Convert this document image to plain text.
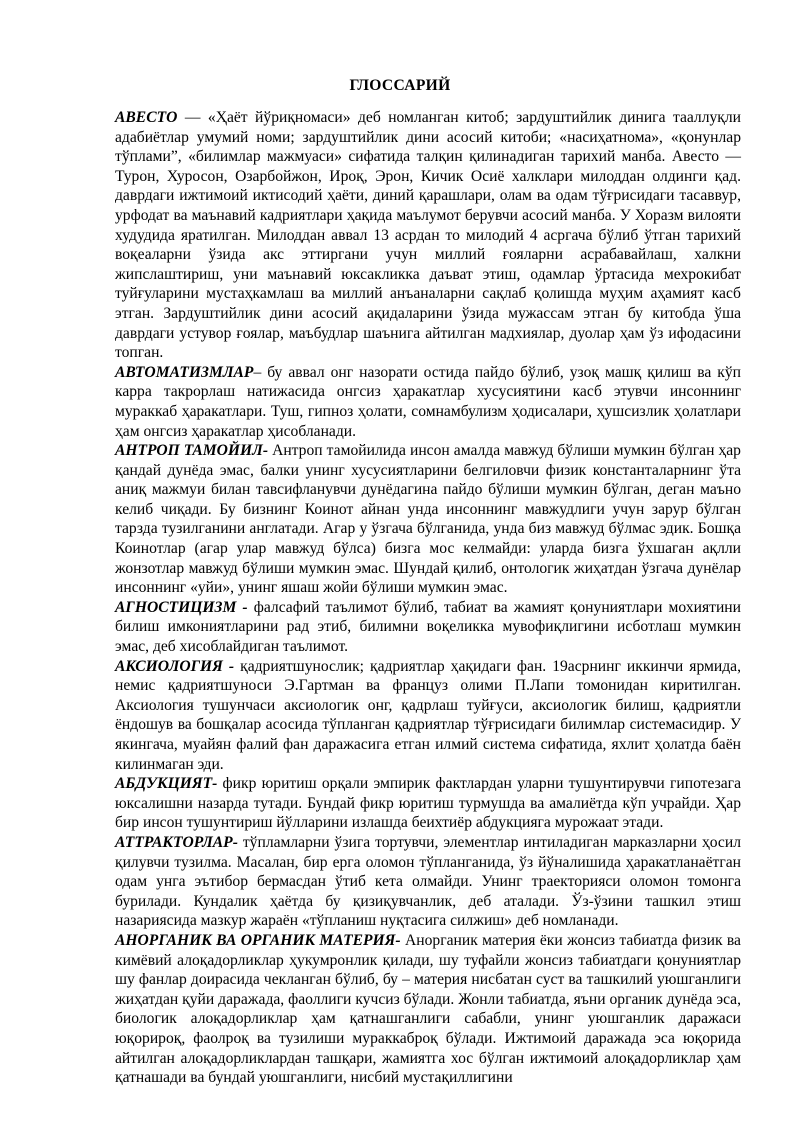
ГЛОССАРИЙ

АВЕСТО — «Ҳаёт йўриқномаси» деб номланган китоб; зардуштийлик динига тааллуқли адабиётлар умумий номи; зардуштийлик дини асосий китоби; «насиҳатнома», «қонунлар тўпламиˮ, «билимлар мажмуаси» сифатида талқин қилинадиган тарихий манба. Авесто — Турон, Хуросон, Озарбойжон, Ироқ, Эрон, Кичик Осиё халклари милоддан олдинги қад. даврдаги ижтимоий иктисодий ҳаёти, диний қарашлари, олам ва одам тўғрисидаги тасаввур, урфодат ва маънавий кадриятлари ҳақида маълумот берувчи асосий манба. У Хоразм вилояти худудида яратилган. Милоддан аввал 13 асрдан то милодий 4 асргача бўлиб ўтган тарихий воқеаларни ўзида акс эттиргани учун миллий ғояларни асрабавайлаш, халкни жипслаштириш, уни маънавий юксакликка даъват этиш, одамлар ўртасида мехрокибат туйғуларини мустаҳкамлаш ва миллий анъаналарни сақлаб қолишда муҳим аҳамият касб этган. Зардуштийлик дини асосий ақидаларини ўзида мужассам этган бу китобда ўша даврдаги устувор ғоялар, маъбудлар шаънига айтилган мадхиялар, дуолар ҳам ўз ифодасини топган.

АВТОМАТИЗМЛАР– бу аввал онг назорати остида пайдо бўлиб, узоқ машқ қилиш ва кўп карра такрорлаш натижасида онгсиз ҳаракатлар хусусиятини касб этувчи инсоннинг мураккаб ҳаракатлари. Туш, гипноз ҳолати, сомнамбулизм ҳодисалари, ҳушсизлик ҳолатлари ҳам онгсиз ҳаракатлар ҳисобланади.

АНТРОП ТАМОЙИЛ- Антроп тамойилида инсон амалда мавжуд бўлиши мумкин бўлган ҳар қандай дунёда эмас, балки унинг хусусиятларини белгиловчи физик константаларнинг ўта аниқ мажмуи билан тавсифланувчи дунёдагина пайдо бўлиши мумкин бўлган, деган маъно келиб чиқади. Бу бизнинг Коинот айнан унда инсоннинг мавжудлиги учун зарур бўлган тарзда тузилганини англатади. Агар у ўзгача бўлганида, унда биз мавжуд бўлмас эдик. Бошқа Коинотлар (агар улар мавжуд бўлса) бизга мос келмайди: уларда бизга ўхшаган ақлли жонзотлар мавжуд бўлиши мумкин эмас. Шундай қилиб, онтологик жиҳатдан ўзгача дунёлар инсоннинг «уйи», унинг яшаш жойи бўлиши мумкин эмас.

АГНОСТИЦИЗМ - фалсафий таълимот бўлиб, табиат ва жамият қонуниятлари мохиятини билиш имкониятларини рад этиб, билимни воқеликка мувофиқлигини исботлаш мумкин эмас, деб хисоблайдиган таълимот.

АКСИОЛОГИЯ - қадриятшунослик; қадриятлар ҳақидаги фан. 19асрнинг иккинчи ярмида, немис қадриятшуноси Э.Гартман ва француз олими П.Лапи томонидан киритилган. Аксиология тушунчаси аксиологик онг, қадрлаш туйғуси, аксиологик билиш, қадриятли ёндошув ва бошқалар асосида тўпланган қадриятлар тўғрисидаги билимлар системасидир. У якингача, муайян фалий фан даражасига етган илмий система сифатида, яхлит ҳолатда баён килинмаган эди.

АБДУКЦИЯТ- фикр юритиш орқали эмпирик фактлардан уларни тушунтирувчи гипотезага юксалишни назарда тутади. Бундай фикр юритиш турмушда ва амалиётда кўп учрайди. Ҳар бир инсон тушунтириш йўлларини излашда беихтиёр абдукцияга мурожаат этади.

АТТРАКТОРЛАР- тўпламларни ўзига тортувчи, элементлар интиладиган марказларни ҳосил қилувчи тузилма. Масалан, бир ерга оломон тўпланганида, ўз йўналишида ҳаракатланаётган одам унга эътибор бермасдан ўтиб кета олмайди. Унинг траекторияси оломон томонга бурилади. Кундалик ҳаётда бу қизиқувчанлик, деб аталади. Ўз-ўзини ташкил этиш назариясида мазкур жараён «тўпланиш нуқтасига силжиш» деб номланади.

АНОРГАНИК ВА ОРГАНИК МАТЕРИЯ- Анорганик материя ёки жонсиз табиатда физик ва кимёвий алоқадорликлар ҳукумронлик қилади, шу туфайли жонсиз табиатдаги қонуниятлар шу фанлар доирасида чекланган бўлиб, бу – материя нисбатан суст ва ташкилий уюшганлиги жиҳатдан қуйи даражада, фаоллиги кучсиз бўлади. Жонли табиатда, яъни органик дунёда эса, биологик алоқадорликлар ҳам қатнашганлиги сабабли, унинг уюшганлик даражаси юқорироқ, фаолроқ ва тузилиши мураккаброқ бўлади. Ижтимоий даражада эса юқорида айтилган алоқадорликлардан ташқари, жамиятга хос бўлган ижтимоий алоқадорликлар ҳам қатнашади ва бундай уюшганлиги, нисбий мустақиллигини
